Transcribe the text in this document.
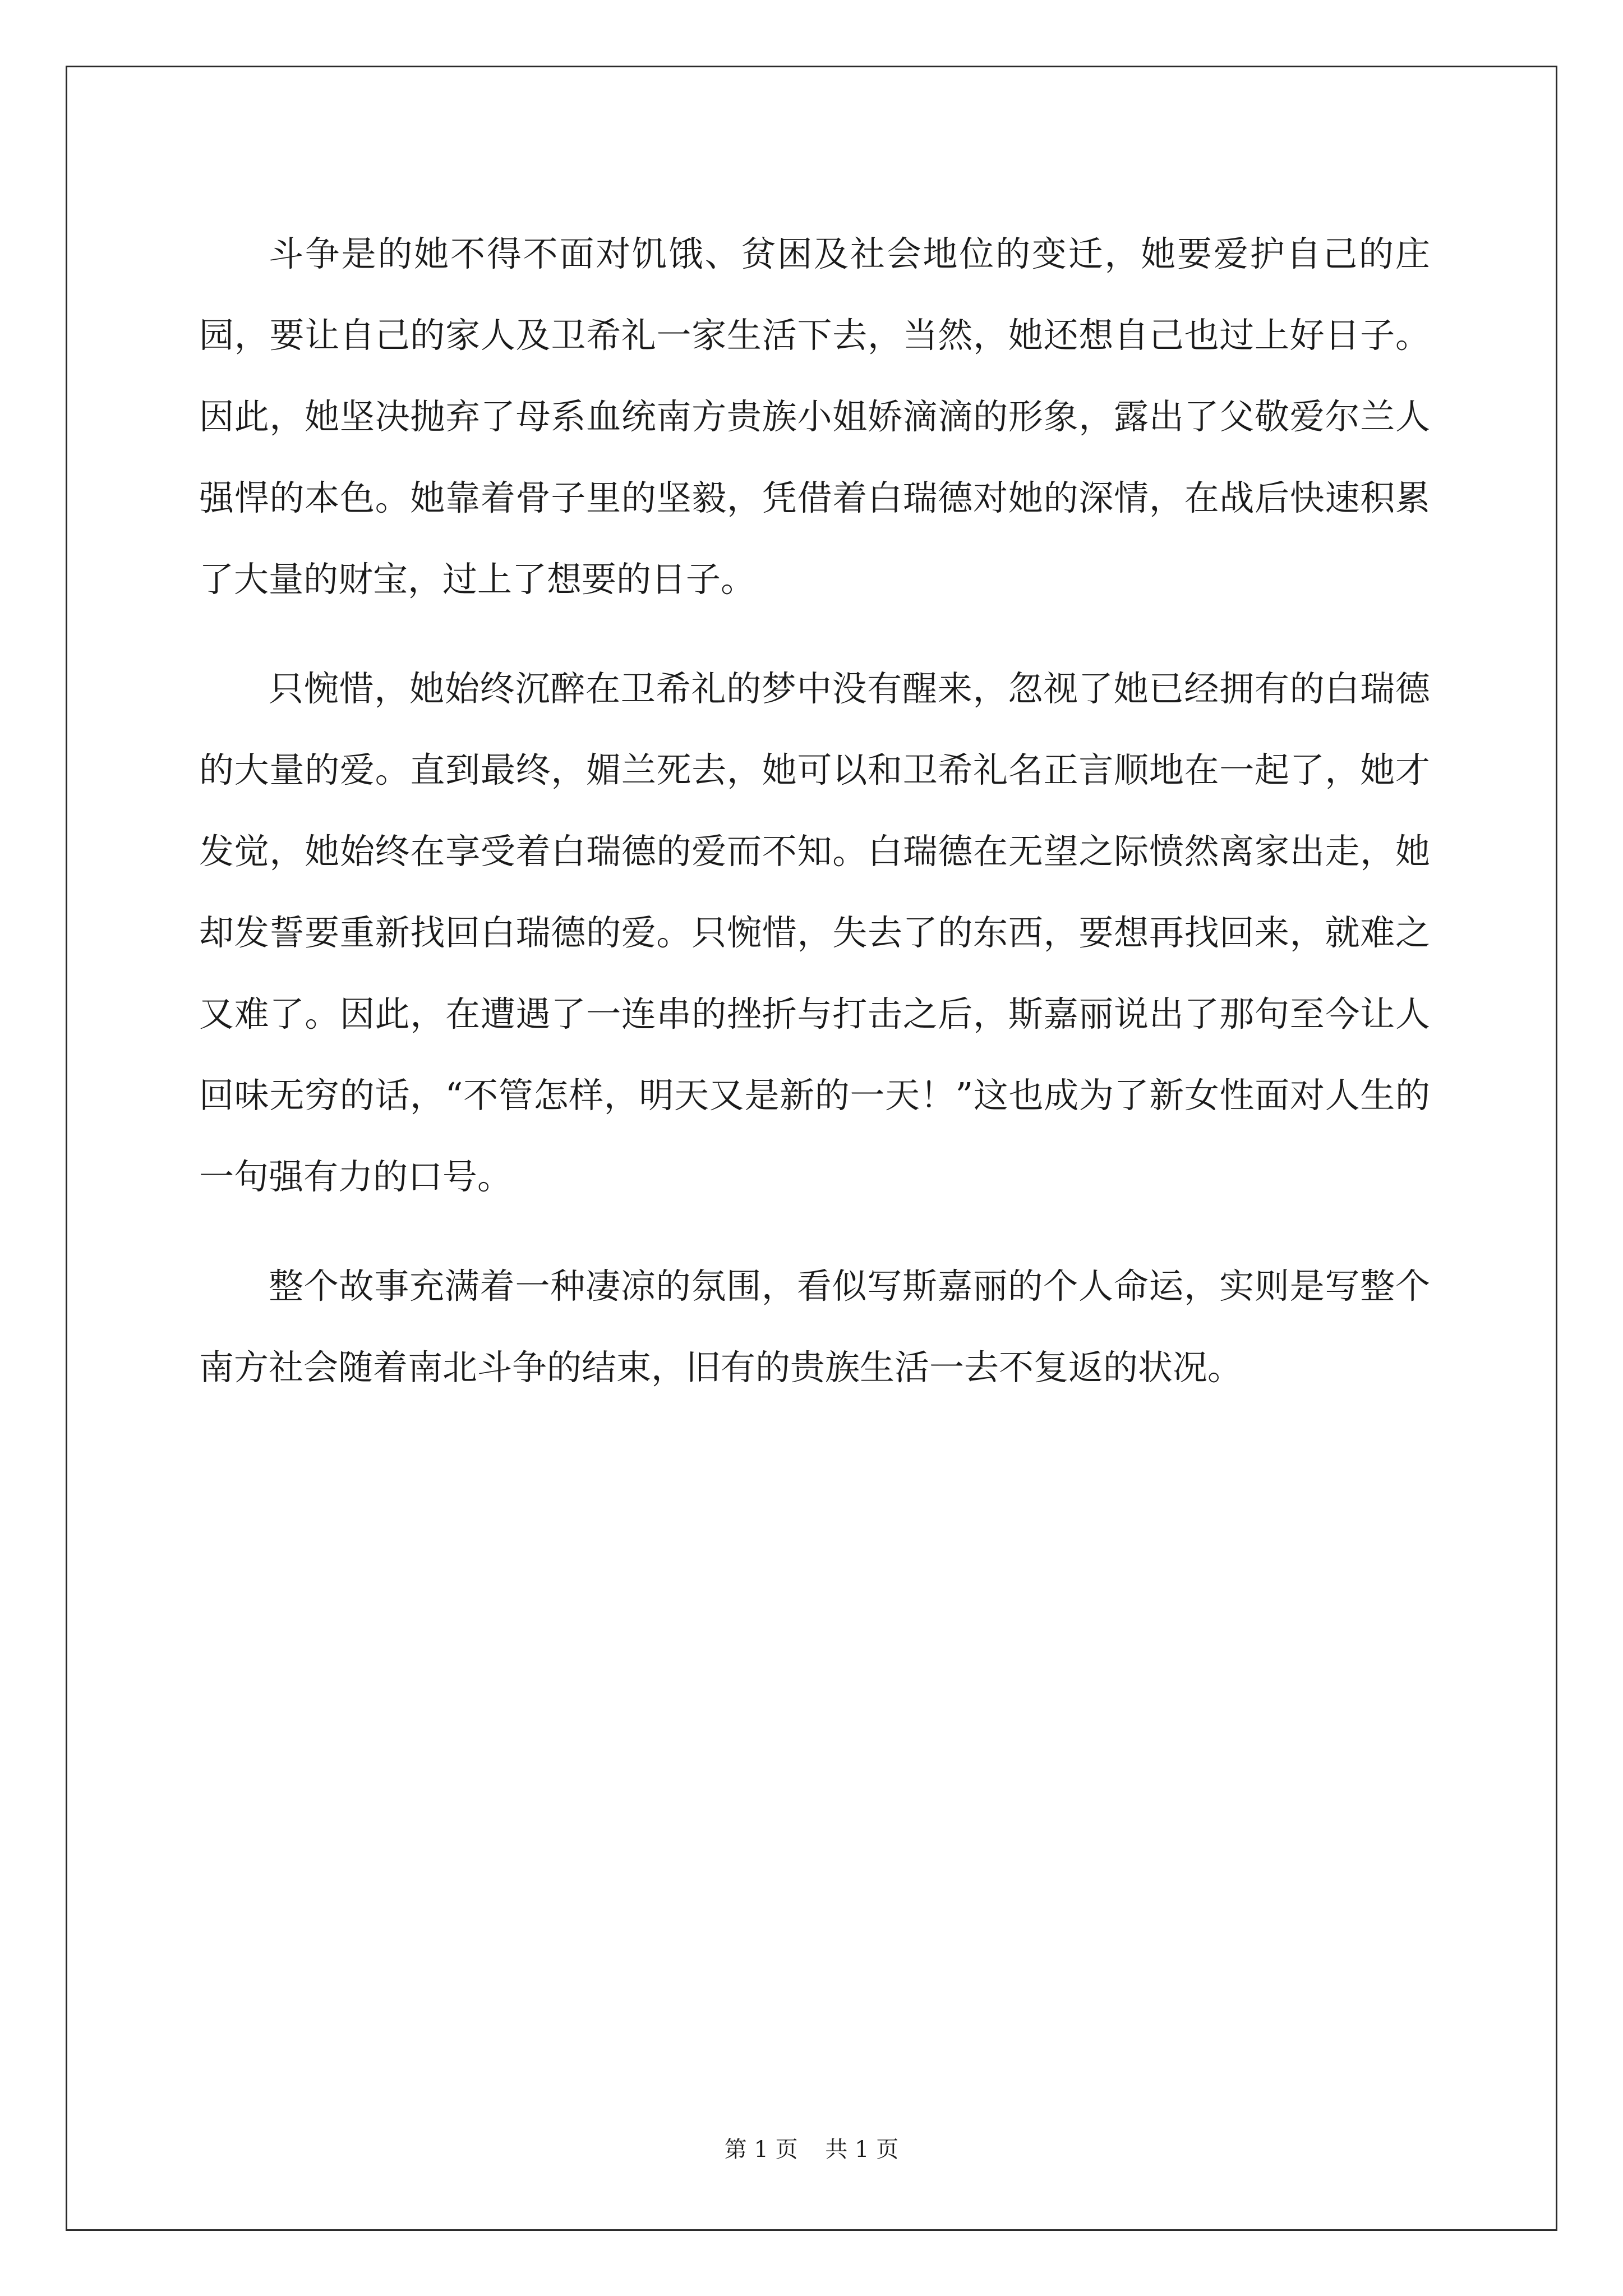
斗争是的她不得不面对饥饿、贫困及社会地位的变迁，她要爱护自己的庄园，要让自己的家人及卫希礼一家生活下去，当然，她还想自己也过上好日子。因此，她坚决抛弃了母系血统南方贵族小姐娇滴滴的形象，露出了父敬爱尔兰人强悍的本色。她靠着骨子里的坚毅，凭借着白瑞德对她的深情，在战后快速积累了大量的财宝，过上了想要的日子。

只惋惜，她始终沉醉在卫希礼的梦中没有醒来，忽视了她已经拥有的白瑞德的大量的爱。直到最终，媚兰死去，她可以和卫希礼名正言顺地在一起了，她才发觉，她始终在享受着白瑞德的爱而不知。白瑞德在无望之际愤然离家出走，她却发誓要重新找回白瑞德的爱。只惋惜，失去了的东西，要想再找回来，就难之又难了。因此，在遭遇了一连串的挫折与打击之后，斯嘉丽说出了那句至今让人回味无穷的话，“不管怎样，明天又是新的一天！”这也成为了新女性面对人生的一句强有力的口号。

整个故事充满着一种凄凉的氛围，看似写斯嘉丽的个人命运，实则是写整个南方社会随着南北斗争的结束，旧有的贵族生活一去不复返的状况。

第 1 页 共 1 页
